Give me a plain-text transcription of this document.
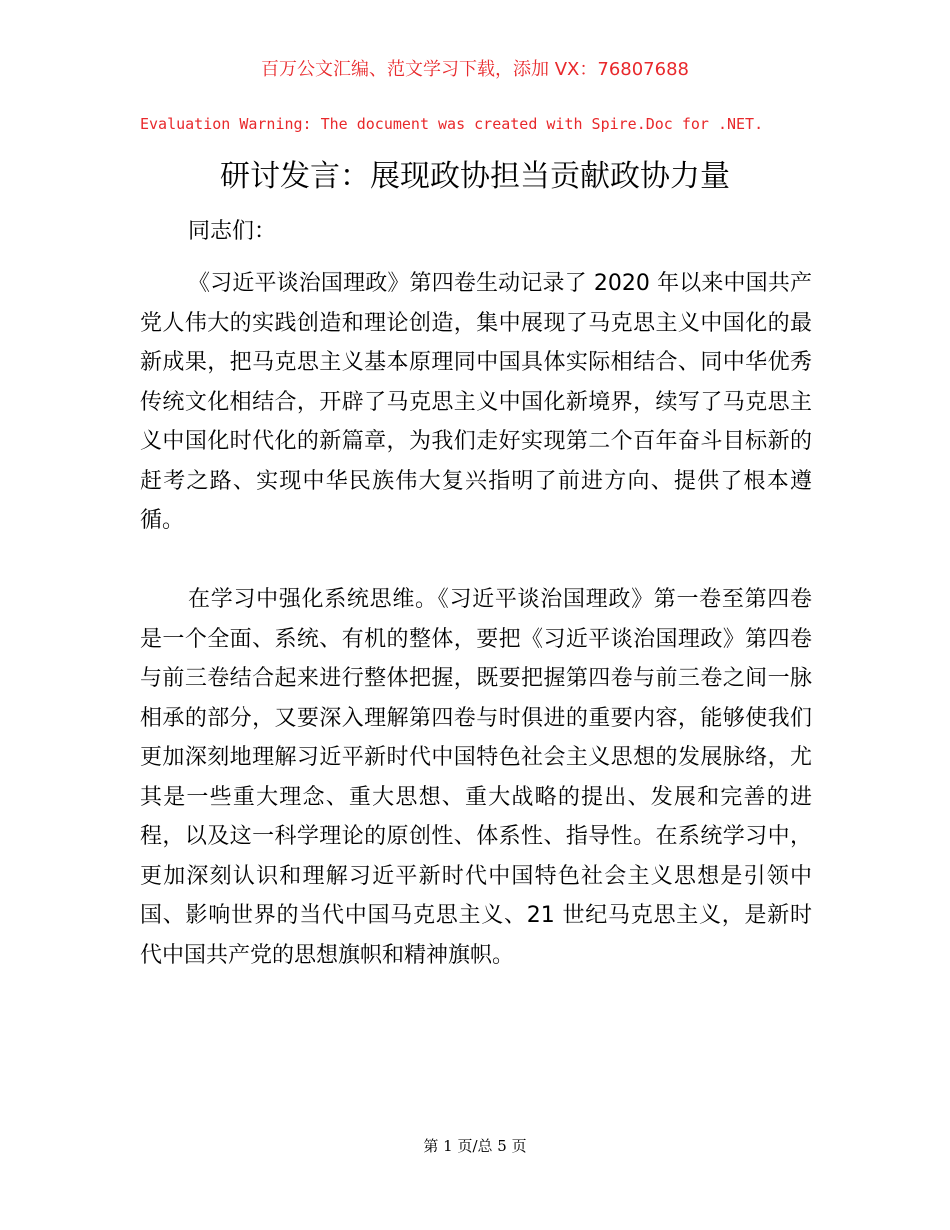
百万公文汇编、范文学习下载，添加 VX：76807688
Evaluation Warning: The document was created with Spire.Doc for .NET.
研讨发言：展现政协担当贡献政协力量
同志们：
《习近平谈治国理政》第四卷生动记录了 2020 年以来中国共产党人伟大的实践创造和理论创造，集中展现了马克思主义中国化的最新成果，把马克思主义基本原理同中国具体实际相结合、同中华优秀传统文化相结合，开辟了马克思主义中国化新境界，续写了马克思主义中国化时代化的新篇章，为我们走好实现第二个百年奋斗目标新的赶考之路、实现中华民族伟大复兴指明了前进方向、提供了根本遵循。
在学习中强化系统思维。《习近平谈治国理政》第一卷至第四卷是一个全面、系统、有机的整体，要把《习近平谈治国理政》第四卷与前三卷结合起来进行整体把握，既要把握第四卷与前三卷之间一脉相承的部分，又要深入理解第四卷与时俱进的重要内容，能够使我们更加深刻地理解习近平新时代中国特色社会主义思想的发展脉络，尤其是一些重大理念、重大思想、重大战略的提出、发展和完善的进程，以及这一科学理论的原创性、体系性、指导性。在系统学习中，更加深刻认识和理解习近平新时代中国特色社会主义思想是引领中国、影响世界的当代中国马克思主义、21 世纪马克思主义，是新时代中国共产党的思想旗帜和精神旗帜。
第 1 页/总 5 页
